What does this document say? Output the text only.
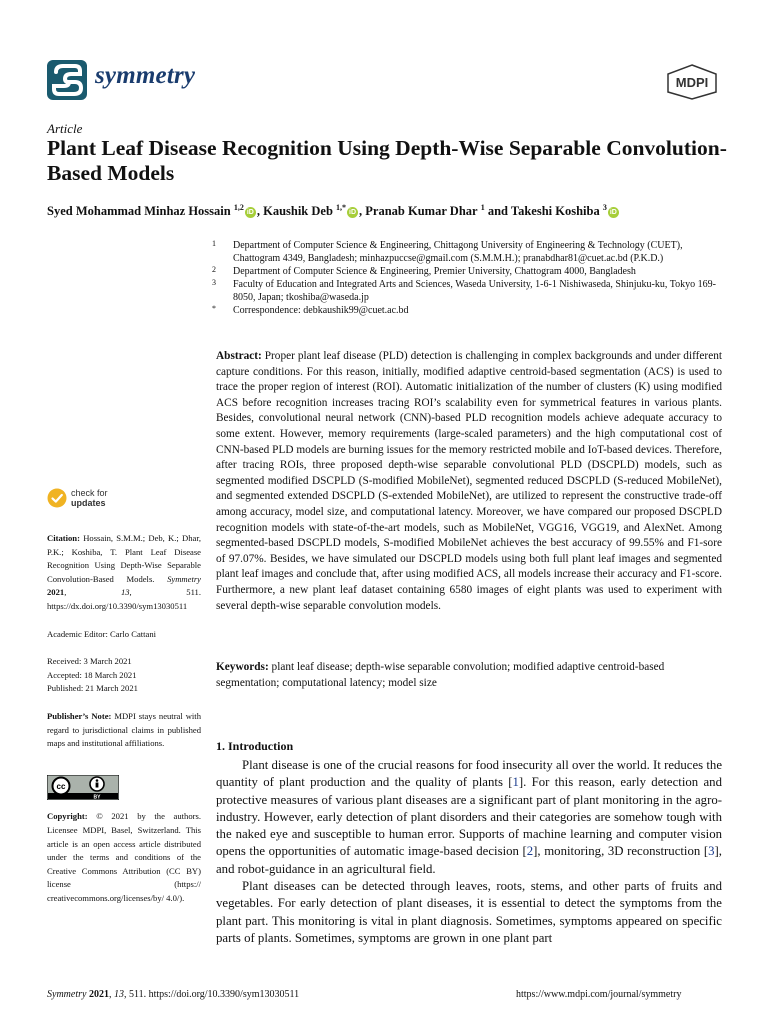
symmetry	MDPI
Article
Plant Leaf Disease Recognition Using Depth-Wise Separable Convolution-Based Models
Syed Mohammad Minhaz Hossain $^{1,2}$iD , Kaushik Deb $^{1,*}$iD , Pranab Kumar Dhar $^1$ and Takeshi Koshiba $^3$iD
1 Department of Computer Science & Engineering, Chittagong University of Engineering & Technology (CUET), Chattogram 4349, Bangladesh; minhazpuccse@gmail.com (S.M.M.H.); pranabdhar81@cuet.ac.bd (P.K.D.)
2 Department of Computer Science & Engineering, Premier University, Chattogram 4000, Bangladesh
3 Faculty of Education and Integrated Arts and Sciences, Waseda University, 1-6-1 Nishiwaseda, Shinjuku-ku, Tokyo 169-8050, Japan; tkoshiba@waseda.jp
* Correspondence: debkaushik99@cuet.ac.bd
Abstract: Proper plant leaf disease (PLD) detection is challenging in complex backgrounds and under different capture conditions. For this reason, initially, modified adaptive centroid-based segmentation (ACS) is used to trace the proper region of interest (ROI). Automatic initialization of the number of clusters (K) using modified ACS before recognition increases tracing ROI’s scalability even for symmetrical features in various plants. Besides, convolutional neural network (CNN)-based PLD recognition models achieve adequate accuracy to some extent. However, memory requirements (large-scaled parameters) and the high computational cost of CNN-based PLD models are burning issues for the memory restricted mobile and IoT-based devices. Therefore, after tracing ROIs, three proposed depth-wise separable convolutional PLD (DSCPLD) models, such as segmented modified DSCPLD (S-modified MobileNet), segmented reduced DSCPLD (S-reduced MobileNet), and segmented extended DSCPLD (S-extended MobileNet), are utilized to represent the constructive trade-off among accuracy, model size, and computational latency. Moreover, we have compared our proposed DSCPLD recognition models with state-of-the-art models, such as MobileNet, VGG16, VGG19, and AlexNet. Among segmented-based DSCPLD models, S-modified MobileNet achieves the best accuracy of 99.55% and F1-sore of 97.07%. Besides, we have simulated our DSCPLD models using both full plant leaf images and segmented plant leaf images and conclude that, after using modified ACS, all models increase their accuracy and F1-score. Furthermore, a new plant leaf dataset containing 6580 images of eight plants was used to experiment with several depth-wise separable convolution models.
Keywords: plant leaf disease; depth-wise separable convolution; modified adaptive centroid-based segmentation; computational latency; model size
check for
updates
Citation: Hossain, S.M.M.; Deb, K.; Dhar, P.K.; Koshiba, T. Plant Leaf Disease Recognition Using Depth-Wise Separable Convolution-Based Models. Symmetry 2021, 13, 511. https://dx.doi.org/10.3390/sym13030511
Academic Editor: Carlo Cattani
Received: 3 March 2021
Accepted: 18 March 2021
Published: 21 March 2021
Publisher’s Note: MDPI stays neutral with regard to jurisdictional claims in published maps and institutional affiliations.
cc
BY
Copyright: © 2021 by the authors. Licensee MDPI, Basel, Switzerland. This article is an open access article distributed under the terms and conditions of the Creative Commons Attribution (CC BY) license (https:// creativecommons.org/licenses/by/ 4.0/).
1. Introduction

Plant disease is one of the crucial reasons for food insecurity all over the world. It reduces the quantity of plant production and the quality of plants [1]. For this reason, early detection and protective measures of various plant diseases are a significant part of plant monitoring in the agro-industry. However, early detection of plant disorders and their categories are somehow tough with the naked eye and susceptible to human error. Supports of machine learning and computer vision opens the opportunities of automatic image-based decision [2], monitoring, 3D reconstruction [3], and robot-guidance in an agricultural field.

Plant diseases can be detected through leaves, roots, stems, and other parts of fruits and vegetables. For early detection of plant diseases, it is essential to detect the symptoms from the plant part. This monitoring is vital in plant diagnosis. Sometimes, symptoms appeared on specific parts of plants. Sometimes, symptoms are grown in one plant part

Symmetry 2021, 13, 511. https://doi.org/10.3390/sym13030511	https://www.mdpi.com/journal/symmetry
